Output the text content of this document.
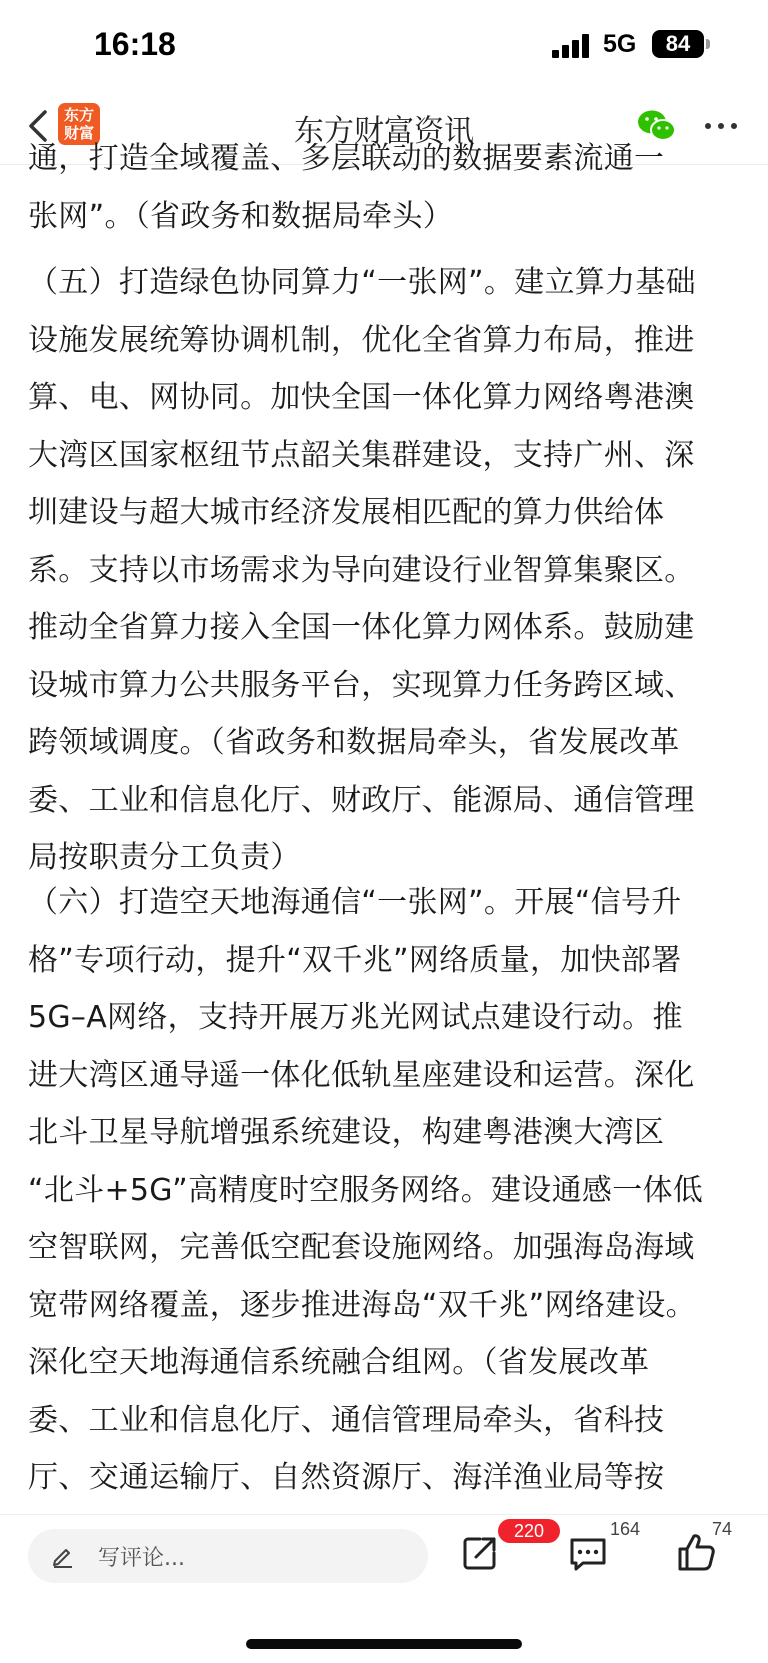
16:18	5G	84
东方
财富	东方财富资讯

通，打造全域覆盖、多层联动的数据要素流通一
张网”。（省政务和数据局牵头）

（五）打造绿色协同算力“一张网”。建立算力基础
设施发展统筹协调机制，优化全省算力布局，推进
算、电、网协同。加快全国一体化算力网络粤港澳
大湾区国家枢纽节点韶关集群建设，支持广州、深
圳建设与超大城市经济发展相匹配的算力供给体
系。支持以市场需求为导向建设行业智算集聚区。
推动全省算力接入全国一体化算力网体系。鼓励建
设城市算力公共服务平台，实现算力任务跨区域、
跨领域调度。（省政务和数据局牵头，省发展改革
委、工业和信息化厅、财政厅、能源局、通信管理
局按职责分工负责）

（六）打造空天地海通信“一张网”。开展“信号升
格”专项行动，提升“双千兆”网络质量，加快部署
5G–A网络，支持开展万兆光网试点建设行动。推
进大湾区通导遥一体化低轨星座建设和运营。深化
北斗卫星导航增强系统建设，构建粤港澳大湾区
“北斗+5G”高精度时空服务网络。建设通感一体低
空智联网，完善低空配套设施网络。加强海岛海域
宽带网络覆盖，逐步推进海岛“双千兆”网络建设。
深化空天地海通信系统融合组网。（省发展改革
委、工业和信息化厅、通信管理局牵头，省科技
厅、交通运输厅、自然资源厅、海洋渔业局等按

写评论...
220	164	74
